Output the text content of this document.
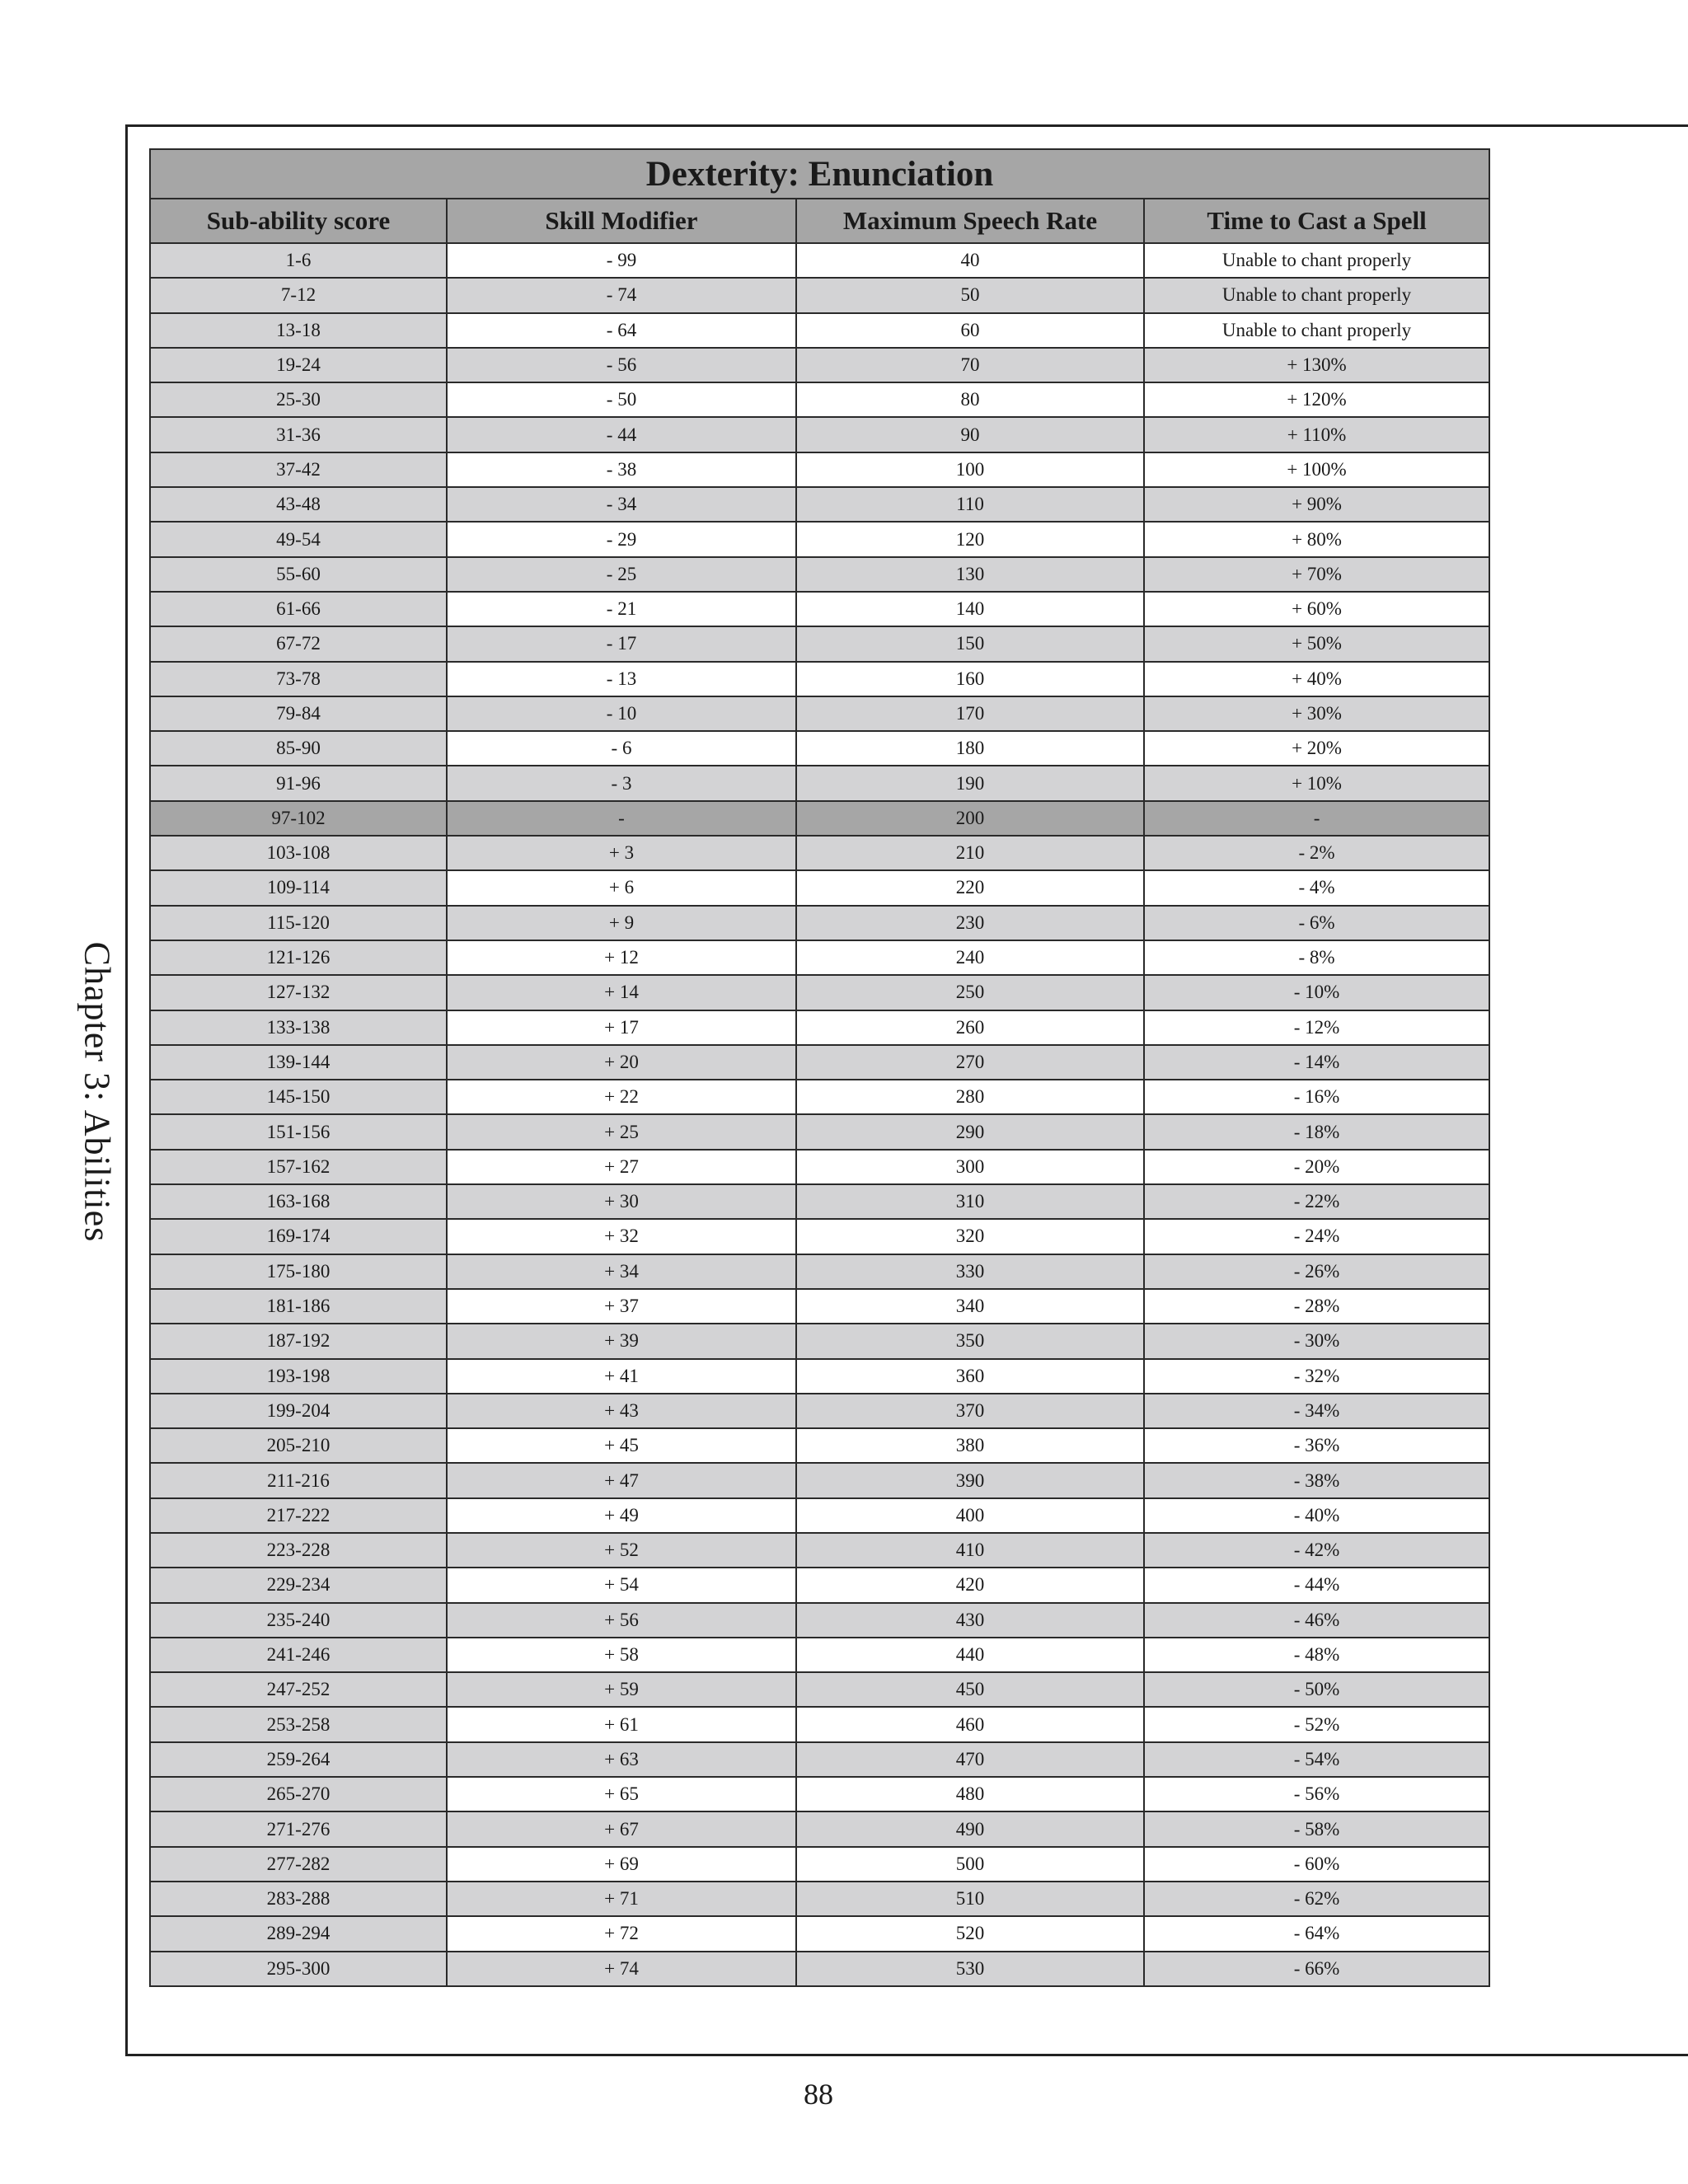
Chapter 3: Abilities
Dexterity: Enunciation			
Sub-ability score	Skill Modifier	Maximum Speech Rate	Time to Cast a Spell
1-6	- 99	40	Unable to chant properly
7-12	- 74	50	Unable to chant properly
13-18	- 64	60	Unable to chant properly
19-24	- 56	70	+ 130%
25-30	- 50	80	+ 120%
31-36	- 44	90	+ 110%
37-42	- 38	100	+ 100%
43-48	- 34	110	+ 90%
49-54	- 29	120	+ 80%
55-60	- 25	130	+ 70%
61-66	- 21	140	+ 60%
67-72	- 17	150	+ 50%
73-78	- 13	160	+ 40%
79-84	- 10	170	+ 30%
85-90	- 6	180	+ 20%
91-96	- 3	190	+ 10%
97-102	-	200	-
103-108	+ 3	210	- 2%
109-114	+ 6	220	- 4%
115-120	+ 9	230	- 6%
121-126	+ 12	240	- 8%
127-132	+ 14	250	- 10%
133-138	+ 17	260	- 12%
139-144	+ 20	270	- 14%
145-150	+ 22	280	- 16%
151-156	+ 25	290	- 18%
157-162	+ 27	300	- 20%
163-168	+ 30	310	- 22%
169-174	+ 32	320	- 24%
175-180	+ 34	330	- 26%
181-186	+ 37	340	- 28%
187-192	+ 39	350	- 30%
193-198	+ 41	360	- 32%
199-204	+ 43	370	- 34%
205-210	+ 45	380	- 36%
211-216	+ 47	390	- 38%
217-222	+ 49	400	- 40%
223-228	+ 52	410	- 42%
229-234	+ 54	420	- 44%
235-240	+ 56	430	- 46%
241-246	+ 58	440	- 48%
247-252	+ 59	450	- 50%
253-258	+ 61	460	- 52%
259-264	+ 63	470	- 54%
265-270	+ 65	480	- 56%
271-276	+ 67	490	- 58%
277-282	+ 69	500	- 60%
283-288	+ 71	510	- 62%
289-294	+ 72	520	- 64%
295-300	+ 74	530	- 66%
88
